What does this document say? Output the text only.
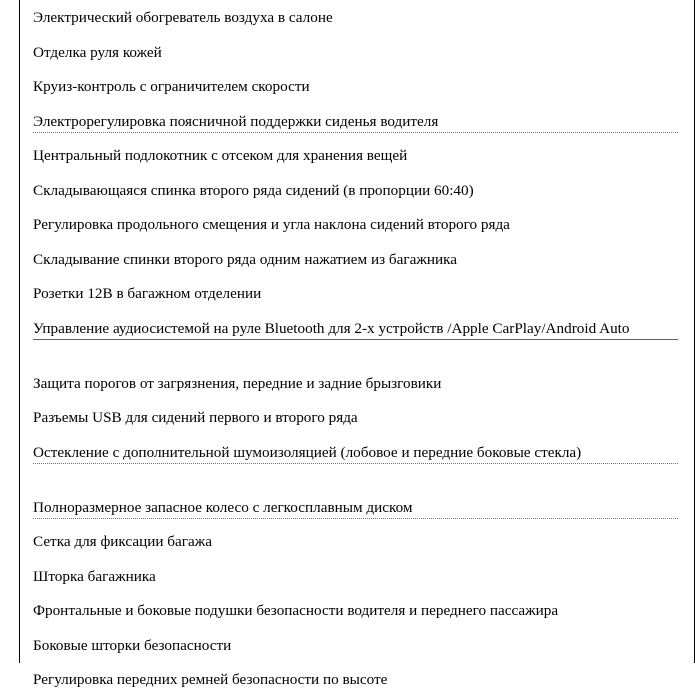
Электрический обогреватель воздуха в салоне
Отделка руля кожей
Круиз-контроль с ограничителем скорости
Электрорегулировка поясничной поддержки сиденья водителя
Центральный подлокотник с отсеком для хранения вещей
Складывающаяся спинка второго ряда сидений (в пропорции 60:40)
Регулировка продольного смещения и угла наклона сидений второго ряда
Складывание спинки второго ряда одним нажатием из багажника
Розетки 12В в багажном отделении
Управление аудиосистемой на руле Bluetooth для 2-х устройств /Apple CarPlay/Android Auto
Защита порогов от загрязнения, передние и задние брызговики
Разъемы USB для сидений первого и второго ряда
Остекление с дополнительной шумоизоляцией (лобовое и передние боковые стекла)
Полноразмерное запасное колесо с легкосплавным диском
Сетка для фиксации багажа
Шторка багажника
Фронтальные и боковые подушки безопасности водителя и переднего пассажира
Боковые шторки безопасности
Регулировка передних ремней безопасности по высоте
